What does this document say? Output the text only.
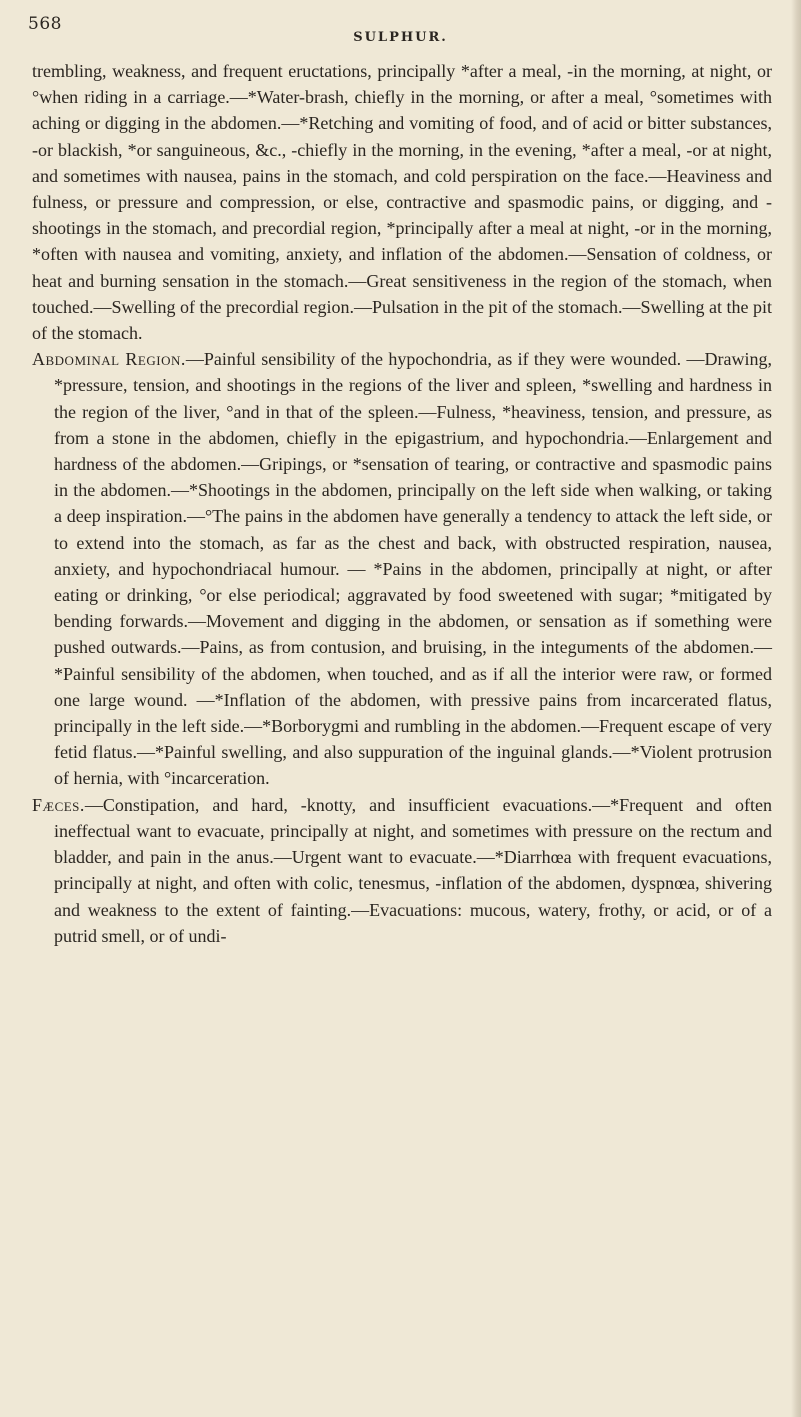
568
SULPHUR.

trembling, weakness, and frequent eructations, principally *after a meal, -in the morning, at night, or °when riding in a carriage.—*Water-brash, chiefly in the morning, or after a meal, °sometimes with aching or digging in the abdomen.—*Retching and vomiting of food, and of acid or bitter substances, -or blackish, *or sanguineous, &c., -chiefly in the morning, in the evening, *after a meal, -or at night, and sometimes with nausea, pains in the stomach, and cold perspiration on the face.—Heaviness and fulness, or pressure and compression, or else, contractive and spasmodic pains, or digging, and -shootings in the stomach, and precordial region, *principally after a meal at night, -or in the morning, *often with nausea and vomiting, anxiety, and inflation of the abdomen.—Sensation of coldness, or heat and burning sensation in the stomach.—Great sensitiveness in the region of the stomach, when touched.—Swelling of the precordial region.—Pulsation in the pit of the stomach.—Swelling at the pit of the stomach.

Abdominal Region.—Painful sensibility of the hypochondria, as if they were wounded. —Drawing, *pressure, tension, and shootings in the regions of the liver and spleen, *swelling and hardness in the region of the liver, °and in that of the spleen.—Fulness, *heaviness, tension, and pressure, as from a stone in the abdomen, chiefly in the epigastrium, and hypochondria.—Enlargement and hardness of the abdomen.—Gripings, or *sensation of tearing, or contractive and spasmodic pains in the abdomen.—*Shootings in the abdomen, principally on the left side when walking, or taking a deep inspiration.—°The pains in the abdomen have generally a tendency to attack the left side, or to extend into the stomach, as far as the chest and back, with obstructed respiration, nausea, anxiety, and hypochondriacal humour. — *Pains in the abdomen, principally at night, or after eating or drinking, °or else periodical; aggravated by food sweetened with sugar; *mitigated by bending forwards.—Movement and digging in the abdomen, or sensation as if something were pushed outwards.—Pains, as from contusion, and bruising, in the integuments of the abdomen.—*Painful sensibility of the abdomen, when touched, and as if all the interior were raw, or formed one large wound. —*Inflation of the abdomen, with pressive pains from incarcerated flatus, principally in the left side.—*Borborygmi and rumbling in the abdomen.—Frequent escape of very fetid flatus.—*Painful swelling, and also suppuration of the inguinal glands.—*Violent protrusion of hernia, with °incarceration.

Fæces.—Constipation, and hard, -knotty, and insufficient evacuations.—*Frequent and often ineffectual want to evacuate, principally at night, and sometimes with pressure on the rectum and bladder, and pain in the anus.—Urgent want to evacuate.—*Diarrhœa with frequent evacuations, principally at night, and often with colic, tenesmus, -inflation of the abdomen, dyspnœa, shivering and weakness to the extent of fainting.—Evacuations: mucous, watery, frothy, or acid, or of a putrid smell, or of undi-
